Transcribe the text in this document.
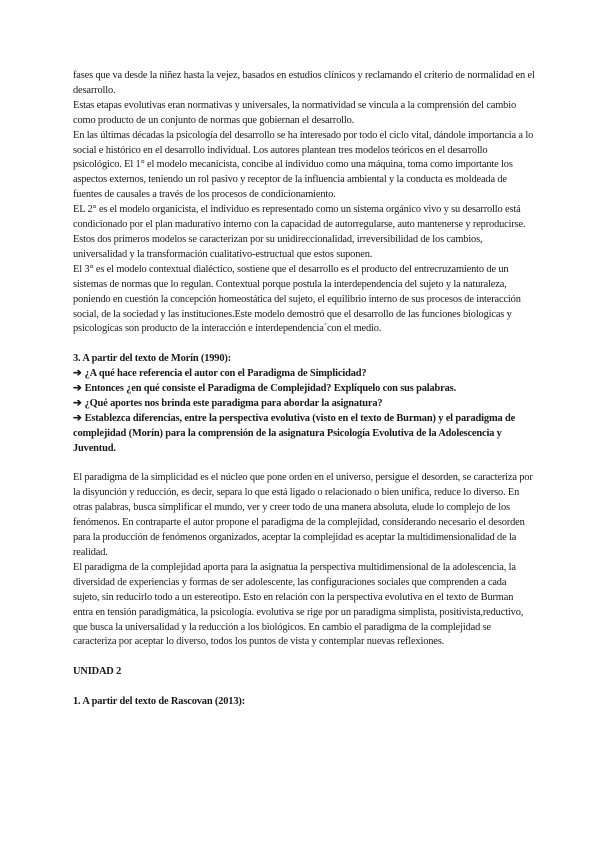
fases que va desde la niñez hasta la vejez, basados en estudios clínicos y reclamando el criterio de normalidad en el desarrollo.

Estas etapas evolutivas eran normativas y universales, la normatividad se vincula a la comprensión del cambio como producto de un conjunto de normas que gobiernan el desarrollo.

En las últimas décadas la psicología del desarrollo se ha interesado por todo el ciclo vital, dándole importancia a lo social e histórico en el desarrollo individual. Los autores plantean tres modelos teóricos en el desarrollo psicológico. El 1° el modelo mecanicista, concibe al individuo como una máquina, toma como importante los aspectos externos, teniendo un rol pasivo y receptor de la influencia ambiental y la conducta es moldeada de fuentes de causales a través de los procesos de condicionamiento.

EL 2° es el modelo organicista, el individuo es representado como un sistema orgánico vivo y su desarrollo está condicionado por el plan maduratívo interno con la capacidad de autorregularse, auto mantenerse y reproducirse. Estos dos primeros modelos se caracterizan por su unidireccionalidad, irreversibilidad de los cambios, universalidad y la transformación cualitativo-estructual que estos suponen.

El 3° es el modelo contextual dialéctico, sostiene que el desarrollo es el producto del entrecruzamiento de un sistemas de normas que lo regulan. Contextual porque postula la interdependencia del sujeto y la naturaleza, poniendo en cuestión la concepción homeostática del sujeto, el equilibrio interno de sus procesos de interacción social, de la sociedad y las instituciones.Este modelo demostró que el desarrollo de las funciones biologicas y psicologicas son producto de la interacción e interdependencia´con el medio.

3. A partir del texto de Morín (1990):

➔ ¿A qué hace referencia el autor con el Paradigma de Simplicidad?

➔ Entonces ¿en qué consiste el Paradigma de Complejidad? Explíquelo con sus palabras.

➔ ¿Qué aportes nos brinda este paradigma para abordar la asignatura?

➔ Establezca diferencias, entre la perspectiva evolutiva (visto en el texto de Burman) y el paradigma de complejidad (Morín) para la comprensión de la asignatura Psicología Evolutiva de la Adolescencia y Juventud.

El paradigma de la simplicidad es el núcleo que pone orden en el universo, persigue el desorden, se caracteriza por la disyunción y reducción, es decir, separa lo que está ligado o relacionado o bien unifica, reduce lo diverso. En otras palabras, busca simplificar el mundo, ver y creer todo de una manera absoluta, elude lo complejo de los fenómenos. En contraparte el autor propone el paradigma de la complejidad, considerando necesario el desorden para la producción de fenómenos organizados, aceptar la complejidad es aceptar la multidimensionalidad de la realidad.

El paradigma de la complejidad aporta para la asignatua la perspectiva multidimensional de la adolescencia, la diversidad de experiencias y formas de ser adolescente, las configuraciones sociales que comprenden a cada sujeto, sin reducirlo todo a un estereotipo. Esto en relación con la perspectiva evolutiva en el texto de Burman entra en tensión paradigmática, la psicología. evolutiva se rige por un paradigma simplista, positivista,reductivo, que busca la universalidad y la reducción a los biológicos. En cambio el paradigma de la complejidad se caracteriza por aceptar lo diverso, todos los puntos de vista y contemplar nuevas reflexiones.

UNIDAD 2

1. A partir del texto de Rascovan (2013):
